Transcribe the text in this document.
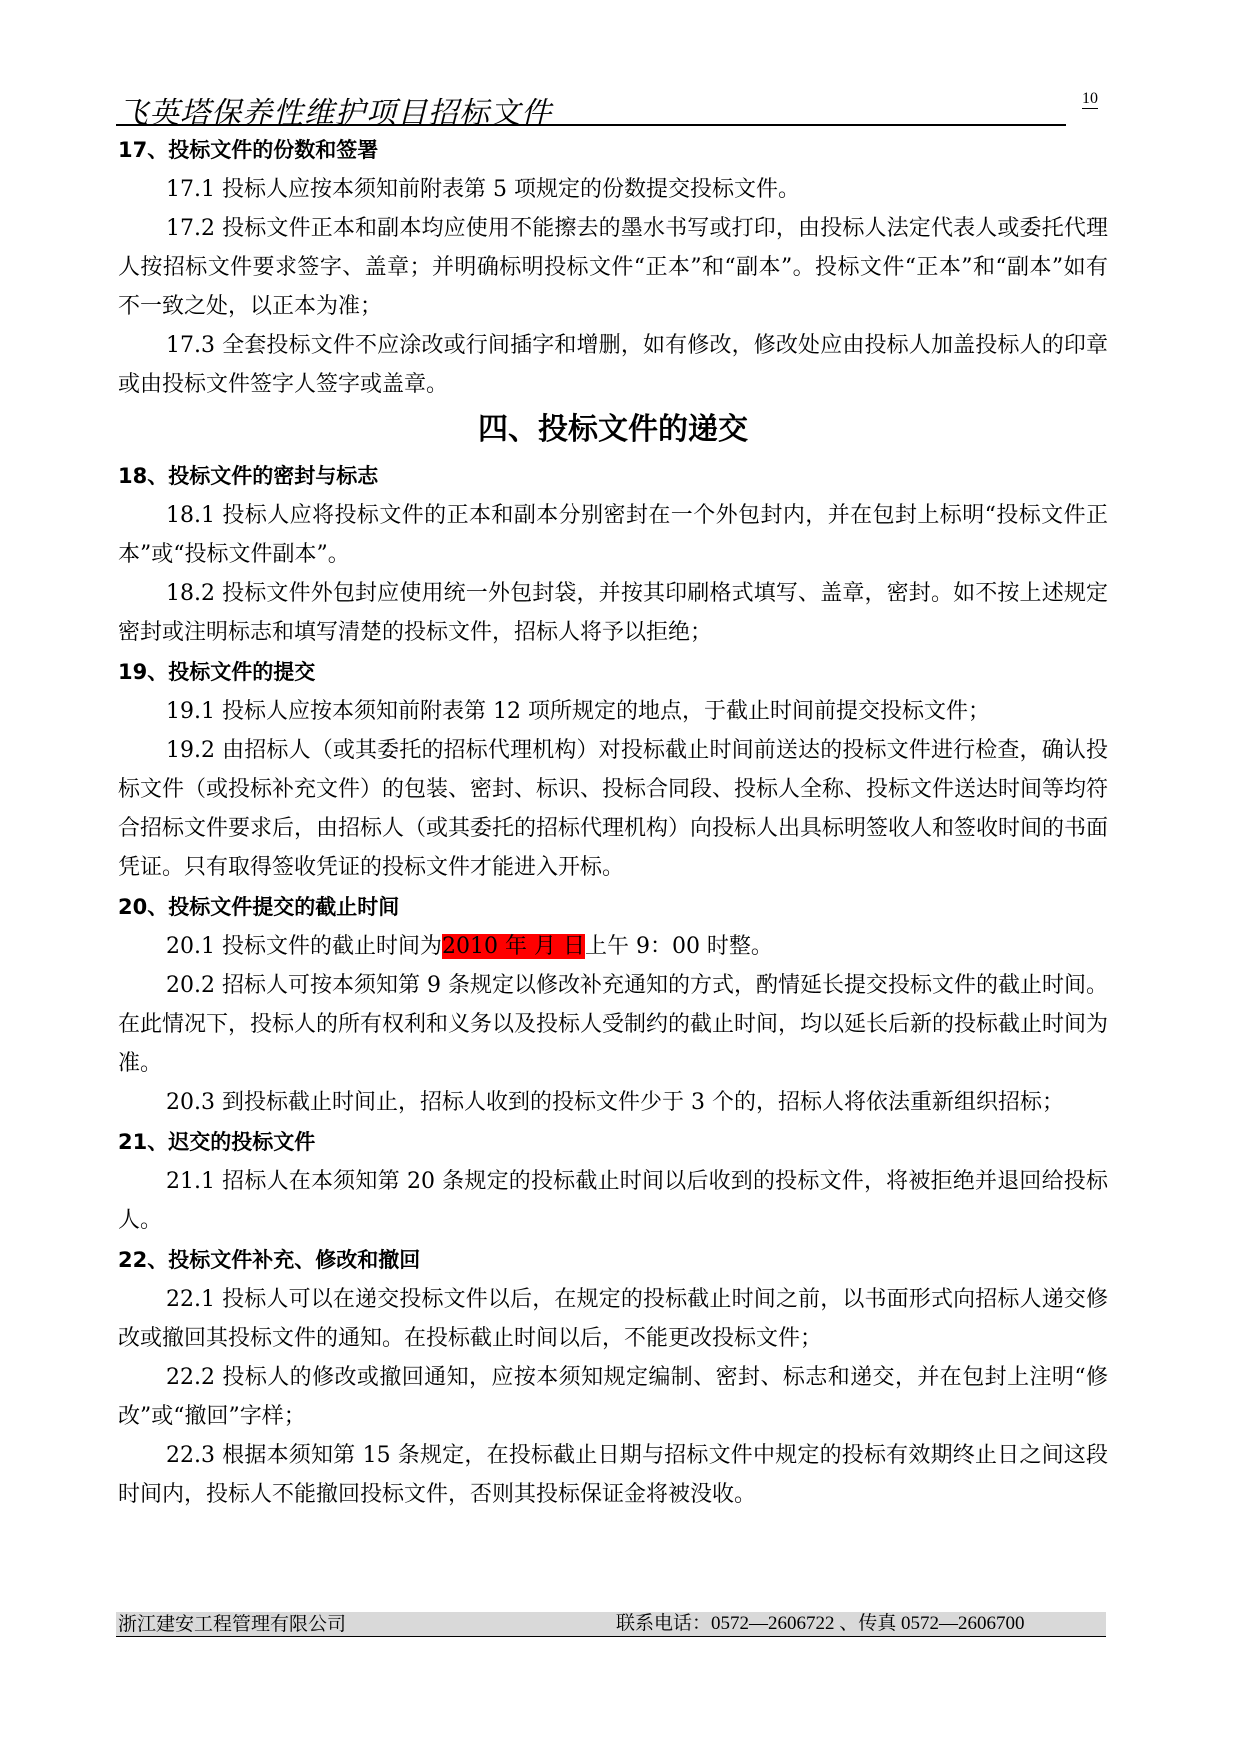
飞英塔保养性维护项目招标文件	10
17、投标文件的份数和签署
17.1 投标人应按本须知前附表第 5 项规定的份数提交投标文件。
17.2 投标文件正本和副本均应使用不能擦去的墨水书写或打印，由投标人法定代表人或委托代理人按招标文件要求签字、盖章；并明确标明投标文件“正本”和“副本”。投标文件“正本”和“副本”如有不一致之处，以正本为准；
17.3 全套投标文件不应涂改或行间插字和增删，如有修改，修改处应由投标人加盖投标人的印章或由投标文件签字人签字或盖章。
四、投标文件的递交
18、投标文件的密封与标志
18.1 投标人应将投标文件的正本和副本分别密封在一个外包封内，并在包封上标明“投标文件正本”或“投标文件副本”。
18.2 投标文件外包封应使用统一外包封袋，并按其印刷格式填写、盖章，密封。如不按上述规定密封或注明标志和填写清楚的投标文件，招标人将予以拒绝；
19、投标文件的提交
19.1 投标人应按本须知前附表第 12 项所规定的地点，于截止时间前提交投标文件；
19.2 由招标人（或其委托的招标代理机构）对投标截止时间前送达的投标文件进行检查，确认投标文件（或投标补充文件）的包装、密封、标识、投标合同段、投标人全称、投标文件送达时间等均符合招标文件要求后，由招标人（或其委托的招标代理机构）向投标人出具标明签收人和签收时间的书面凭证。只有取得签收凭证的投标文件才能进入开标。
20、投标文件提交的截止时间
20.1 投标文件的截止时间为2010 年 月 日上午 9：00 时整。
20.2 招标人可按本须知第 9 条规定以修改补充通知的方式，酌情延长提交投标文件的截止时间。在此情况下，投标人的所有权利和义务以及投标人受制约的截止时间，均以延长后新的投标截止时间为准。
20.3 到投标截止时间止，招标人收到的投标文件少于 3 个的，招标人将依法重新组织招标；
21、迟交的投标文件
21.1 招标人在本须知第 20 条规定的投标截止时间以后收到的投标文件，将被拒绝并退回给投标人。
22、投标文件补充、修改和撤回
22.1 投标人可以在递交投标文件以后，在规定的投标截止时间之前，以书面形式向招标人递交修改或撤回其投标文件的通知。在投标截止时间以后，不能更改投标文件；
22.2 投标人的修改或撤回通知，应按本须知规定编制、密封、标志和递交，并在包封上注明“修改”或“撤回”字样；
22.3 根据本须知第 15 条规定，在投标截止日期与招标文件中规定的投标有效期终止日之间这段时间内，投标人不能撤回投标文件，否则其投标保证金将被没收。
浙江建安工程管理有限公司	联系电话：0572—2606722 、传真 0572—2606700
